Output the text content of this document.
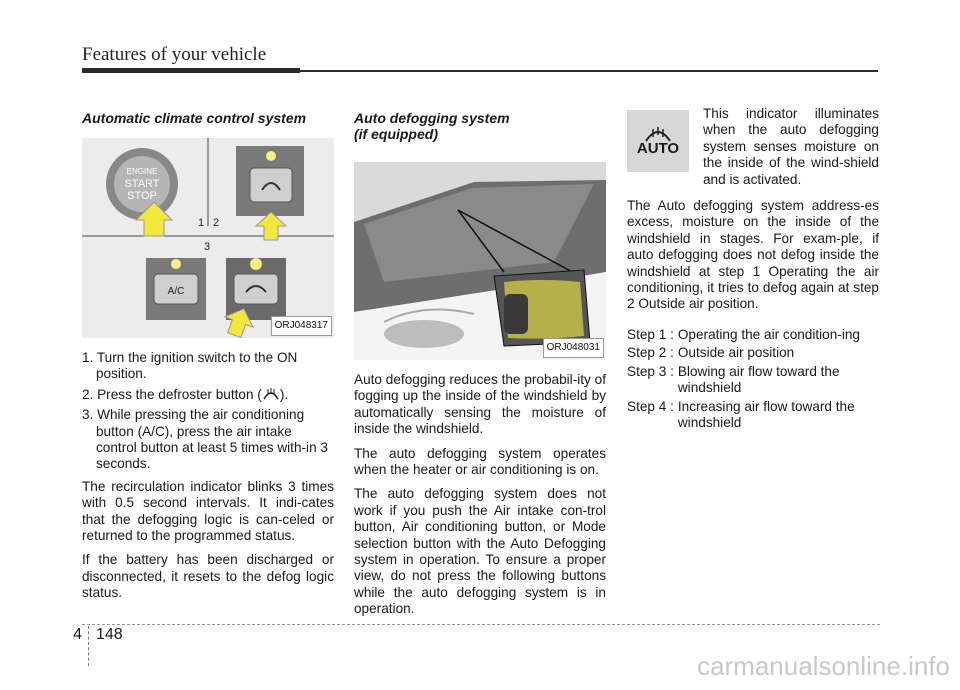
Features of your vehicle
Automatic climate control system
ENGINE
START
STOP
1 2
3
A/C
ORJ048317
1. Turn the ignition switch to the ON position.
2. Press the defroster button ( ).
3. While pressing the air conditioning button (A/C), press the air intake control button at least 5 times with-in 3 seconds.

The recirculation indicator blinks 3 times with 0.5 second intervals. It indi-cates that the defogging logic is can-celed or returned to the programmed status.

If the battery has been discharged or disconnected, it resets to the defog logic status.

Auto defogging system
(if equipped)
ORJ048031

Auto defogging reduces the probabil-ity of fogging up the inside of the windshield by automatically sensing the moisture of inside the windshield.

The auto defogging system operates when the heater or air conditioning is on.

The auto defogging system does not work if you push the Air intake con-trol button, Air conditioning button, or Mode selection button with the Auto Defogging system in operation. To ensure a proper view, do not press the following buttons while the auto defogging system is in operation.

AUTO
This indicator illuminates when the auto defogging system senses moisture on the inside of the wind-shield and is activated.

The Auto defogging system address-es excess, moisture on the inside of the windshield in stages. For exam-ple, if auto defogging does not defog inside the windshield at step 1 Operating the air conditioning, it tries to defog again at step 2 Outside air position.

Step 1 : Operating the air condition-ing
Step 2 : Outside air position
Step 3 : Blowing air flow toward the windshield
Step 4 : Increasing air flow toward the windshield
4 148
carmanualsonline.info
